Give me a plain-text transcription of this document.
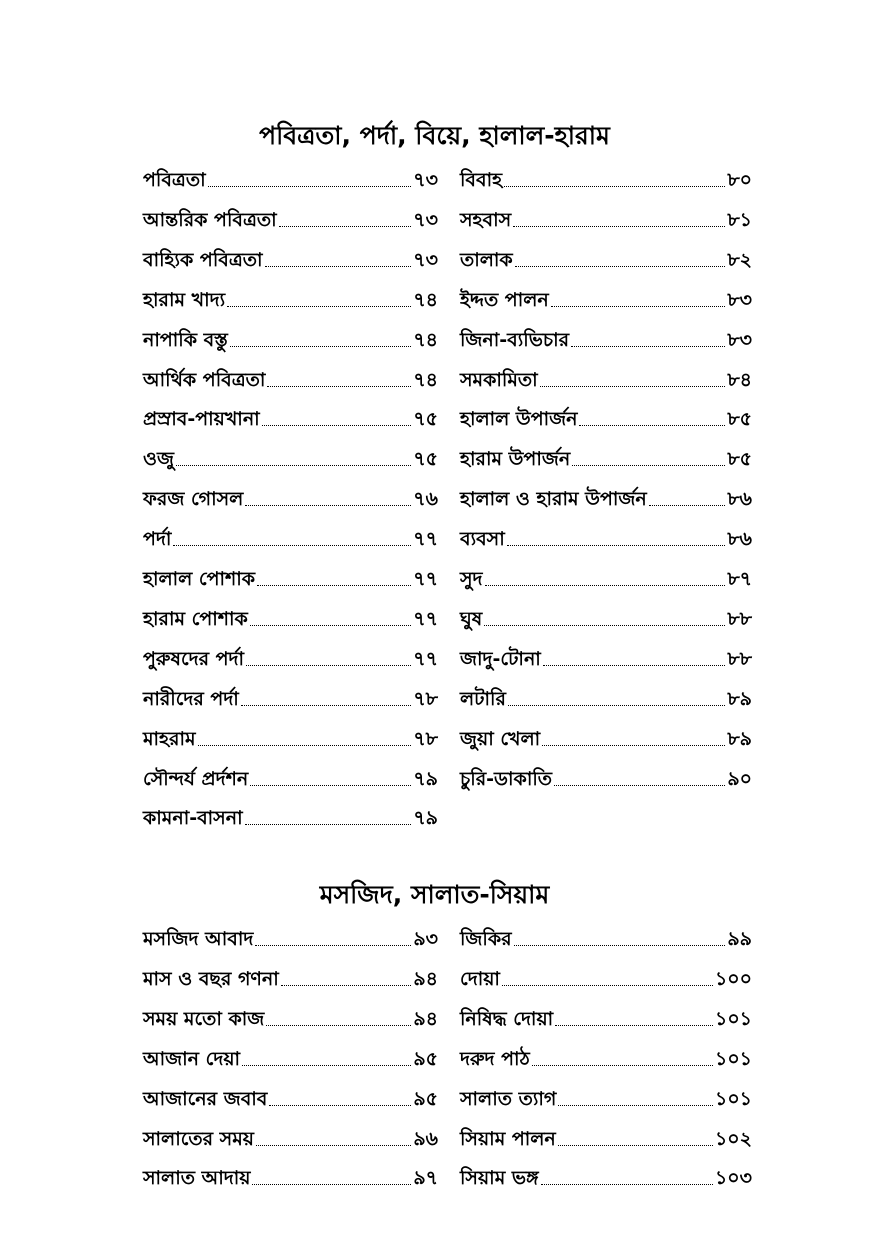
পবিত্রতা, পর্দা, বিয়ে, হালাল-হারাম
পবিত্রতা	৭৩
আন্তরিক পবিত্রতা	৭৩
বাহ্যিক পবিত্রতা	৭৩
হারাম খাদ্য	৭৪
নাপাকি বস্তু	৭৪
আর্থিক পবিত্রতা	৭৪
প্রস্রাব-পায়খানা	৭৫
ওজু	৭৫
ফরজ গোসল	৭৬
পর্দা	৭৭
হালাল পোশাক	৭৭
হারাম পোশাক	৭৭
পুরুষদের পর্দা	৭৭
নারীদের পর্দা	৭৮
মাহরাম	৭৮
সৌন্দর্য প্রর্দশন	৭৯
কামনা-বাসনা	৭৯
বিবাহ	৮০
সহবাস	৮১
তালাক	৮২
ইদ্দত পালন	৮৩
জিনা-ব্যভিচার	৮৩
সমকামিতা	৮৪
হালাল উপার্জন	৮৫
হারাম উপার্জন	৮৫
হালাল ও হারাম উপার্জন	৮৬
ব্যবসা	৮৬
সুদ	৮৭
ঘুষ	৮৮
জাদু-টোনা	৮৮
লটারি	৮৯
জুয়া খেলা	৮৯
চুরি-ডাকাতি	৯০
মসজিদ, সালাত-সিয়াম
মসজিদ আবাদ	৯৩
মাস ও বছর গণনা	৯৪
সময় মতো কাজ	৯৪
আজান দেয়া	৯৫
আজানের জবাব	৯৫
সালাতের সময়	৯৬
সালাত আদায়	৯৭
জিকির	৯৯
দোয়া	১০০
নিষিদ্ধ দোয়া	১০১
দরুদ পাঠ	১০১
সালাত ত্যাগ	১০১
সিয়াম পালন	১০২
সিয়াম ভঙ্গ	১০৩
